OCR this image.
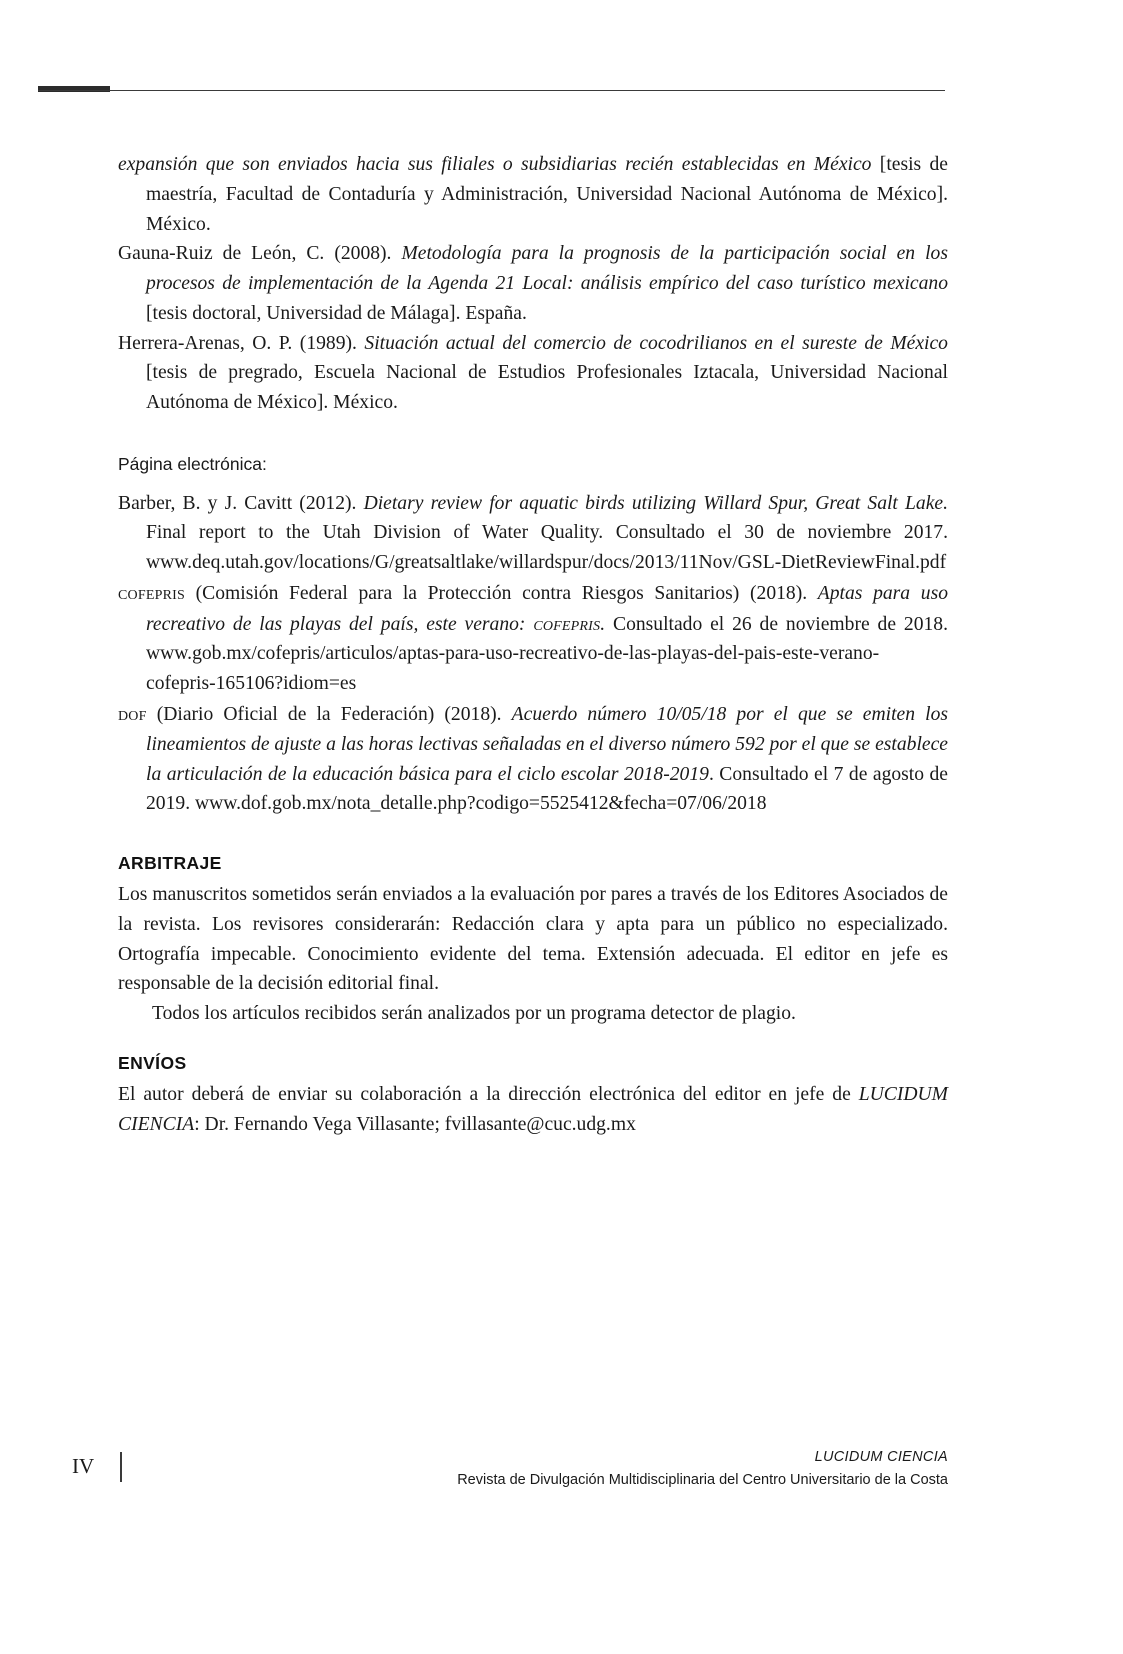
expansión que son enviados hacia sus filiales o subsidiarias recién establecidas en México [tesis de maestría, Facultad de Contaduría y Administración, Universidad Nacional Autónoma de México]. México.

Gauna-Ruiz de León, C. (2008). Metodología para la prognosis de la participación social en los procesos de implementación de la Agenda 21 Local: análisis empírico del caso turístico mexicano [tesis doctoral, Universidad de Málaga]. España.

Herrera-Arenas, O. P. (1989). Situación actual del comercio de cocodrilianos en el sureste de México [tesis de pregrado, Escuela Nacional de Estudios Profesionales Iztacala, Universidad Nacional Autónoma de México]. México.

Página electrónica:

Barber, B. y J. Cavitt (2012). Dietary review for aquatic birds utilizing Willard Spur, Great Salt Lake. Final report to the Utah Division of Water Quality. Consultado el 30 de noviembre 2017. www.deq.utah.gov/locations/G/greatsaltlake/willardspur/docs/2013/11Nov/GSL-DietReviewFinal.pdf

cofepris (Comisión Federal para la Protección contra Riesgos Sanitarios) (2018). Aptas para uso recreativo de las playas del país, este verano: cofepris. Consultado el 26 de noviembre de 2018. www.gob.mx/cofepris/articulos/aptas-para-uso-recreativo-de-las-playas-del-pais-este-verano-cofepris-165106?idiom=es

dof (Diario Oficial de la Federación) (2018). Acuerdo número 10/05/18 por el que se emiten los lineamientos de ajuste a las horas lectivas señaladas en el diverso número 592 por el que se establece la articulación de la educación básica para el ciclo escolar 2018-2019. Consultado el 7 de agosto de 2019. www.dof.gob.mx/nota_detalle.php?codigo=5525412&fecha=07/06/2018

ARBITRAJE

Los manuscritos sometidos serán enviados a la evaluación por pares a través de los Editores Asociados de la revista. Los revisores considerarán: Redacción clara y apta para un público no especializado. Ortografía impecable. Conocimiento evidente del tema. Extensión adecuada. El editor en jefe es responsable de la decisión editorial final.

Todos los artículos recibidos serán analizados por un programa detector de plagio.

ENVÍOS

El autor deberá de enviar su colaboración a la dirección electrónica del editor en jefe de LUCIDUM CIENCIA: Dr. Fernando Vega Villasante; fvillasante@cuc.udg.mx

IV	LUCIDUM CIENCIA
Revista de Divulgación Multidisciplinaria del Centro Universitario de la Costa
